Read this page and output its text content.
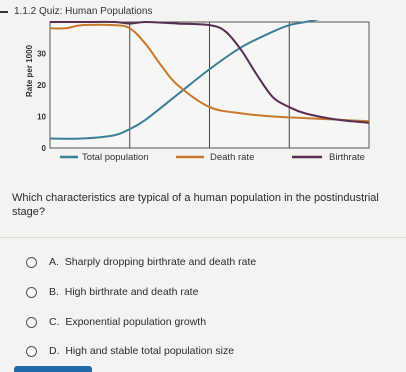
1.1.2 Quiz: Human Populations
0
10
20
30
Rate per 1000
Total population	Death rate	Birthrate
Which characteristics are typical of a human population in the postindustrial stage?
A. Sharply dropping birthrate and death rate
B. High birthrate and death rate
C. Exponential population growth
D. High and stable total population size
